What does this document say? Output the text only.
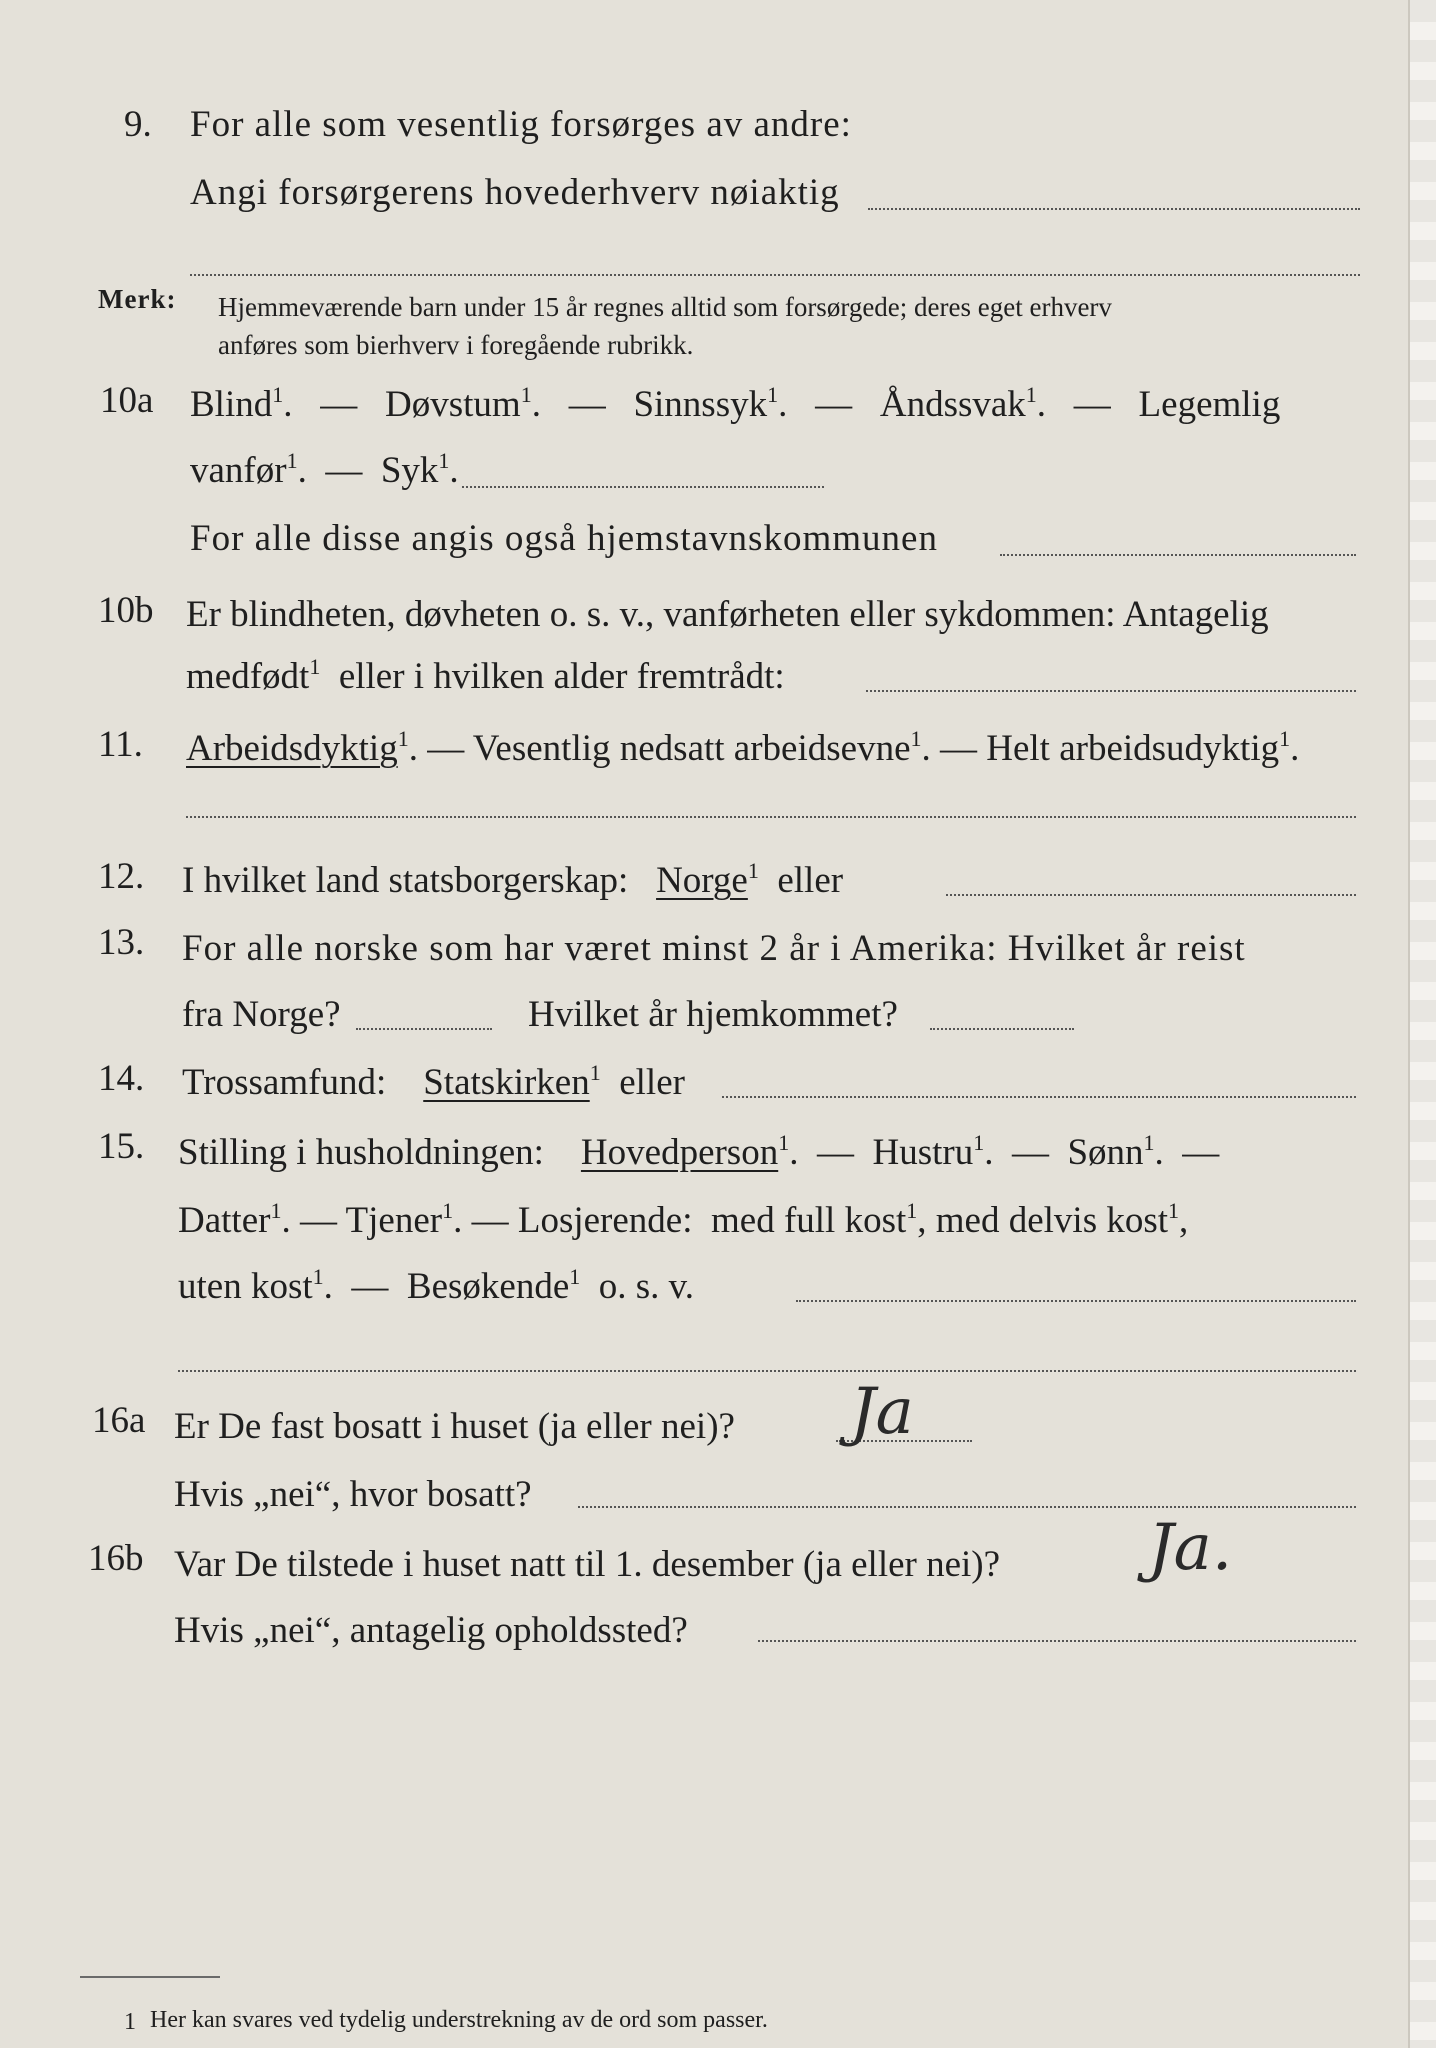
9. For alle som vesentlig forsørges av andre:
Angi forsørgerens hovederhverv nøiaktig
Merk: Hjemmeværende barn under 15 år regnes alltid som forsørgede; deres eget erhverv
anføres som bierhverv i foregående rubrikk.
10a Blind$^1$.   —   Døvstum$^1$.   —   Sinnssyk$^1$.   —   Åndssvak$^1$.   —   Legemlig
vanfør$^1$.  —  Syk$^1$.
For alle disse angis også hjemstavnskommunen
10b Er blindheten, døvheten o. s. v., vanførheten eller sykdommen: Antagelig
medfødt$^1$ eller i hvilken alder fremtrådt:
11. Arbeidsdyktig$^1$. — Vesentlig nedsatt arbeidsevne$^1$. — Helt arbeidsudyktig$^1$.
12. I hvilket land statsborgerskap: Norge$^1$ eller
13. For alle norske som har været minst 2 år i Amerika: Hvilket år reist
fra Norge?	Hvilket år hjemkommet?
14. Trossamfund: Statskirken$^1$ eller
15. Stilling i husholdningen: Hovedperson$^1$.  —  Hustru$^1$.  —  Sønn$^1$.  —
Datter$^1$. — Tjener$^1$. — Losjerende: med full kost$^1$, med delvis kost$^1$,
uten kost$^1$.  —  Besøkende$^1$ o. s. v.
16a Er De fast bosatt i huset (ja eller nei)? Ja
Hvis „nei“, hvor bosatt?
16b Var De tilstede i huset natt til 1. desember (ja eller nei)? Ja.
Hvis „nei“, antagelig opholdssted?
1 Her kan svares ved tydelig understrekning av de ord som passer.
